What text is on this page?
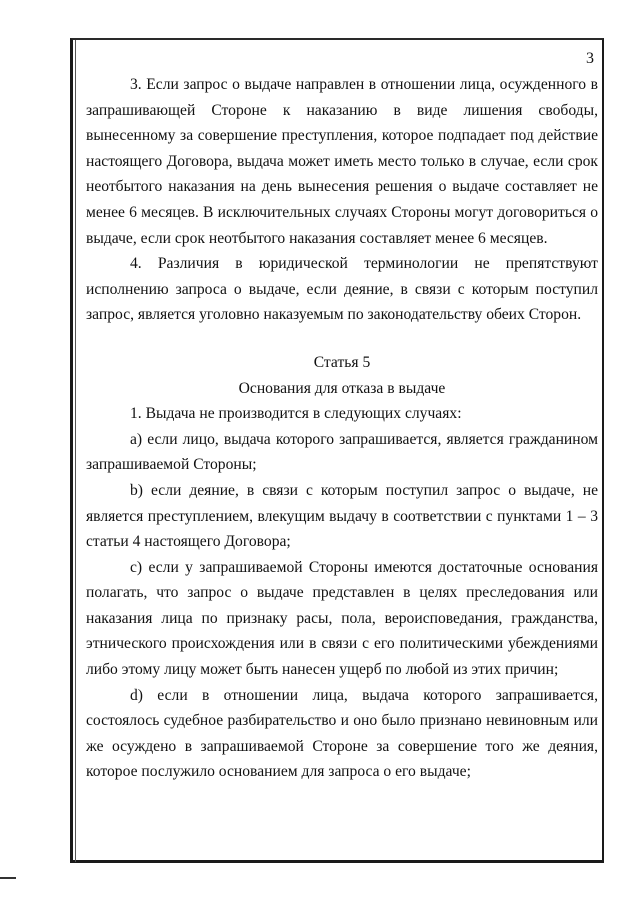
3

3. Если запрос о выдаче направлен в отношении лица, осужденного в запрашивающей Стороне к наказанию в виде лишения свободы, вынесенному за совершение преступления, которое подпадает под действие настоящего Договора, выдача может иметь место только в случае, если срок неотбытого наказания на день вынесения решения о выдаче составляет не менее 6 месяцев. В исключительных случаях Стороны могут договориться о выдаче, если срок неотбытого наказания составляет менее 6 месяцев.

4. Различия в юридической терминологии не препятствуют исполнению запроса о выдаче, если деяние, в связи с которым поступил запрос, является уголовно наказуемым по законодательству обеих Сторон.

Статья 5

Основания для отказа в выдаче

1. Выдача не производится в следующих случаях:

a) если лицо, выдача которого запрашивается, является гражданином запрашиваемой Стороны;

b) если деяние, в связи с которым поступил запрос о выдаче, не является преступлением, влекущим выдачу в соответствии с пунктами 1 – 3 статьи 4 настоящего Договора;

c) если у запрашиваемой Стороны имеются достаточные основания полагать, что запрос о выдаче представлен в целях преследования или наказания лица по признаку расы, пола, вероисповедания, гражданства, этнического происхождения или в связи с его политическими убеждениями либо этому лицу может быть нанесен ущерб по любой из этих причин;

d) если в отношении лица, выдача которого запрашивается, состоялось судебное разбирательство и оно было признано невиновным или же осуждено в запрашиваемой Стороне за совершение того же деяния, которое послужило основанием для запроса о его выдаче;
